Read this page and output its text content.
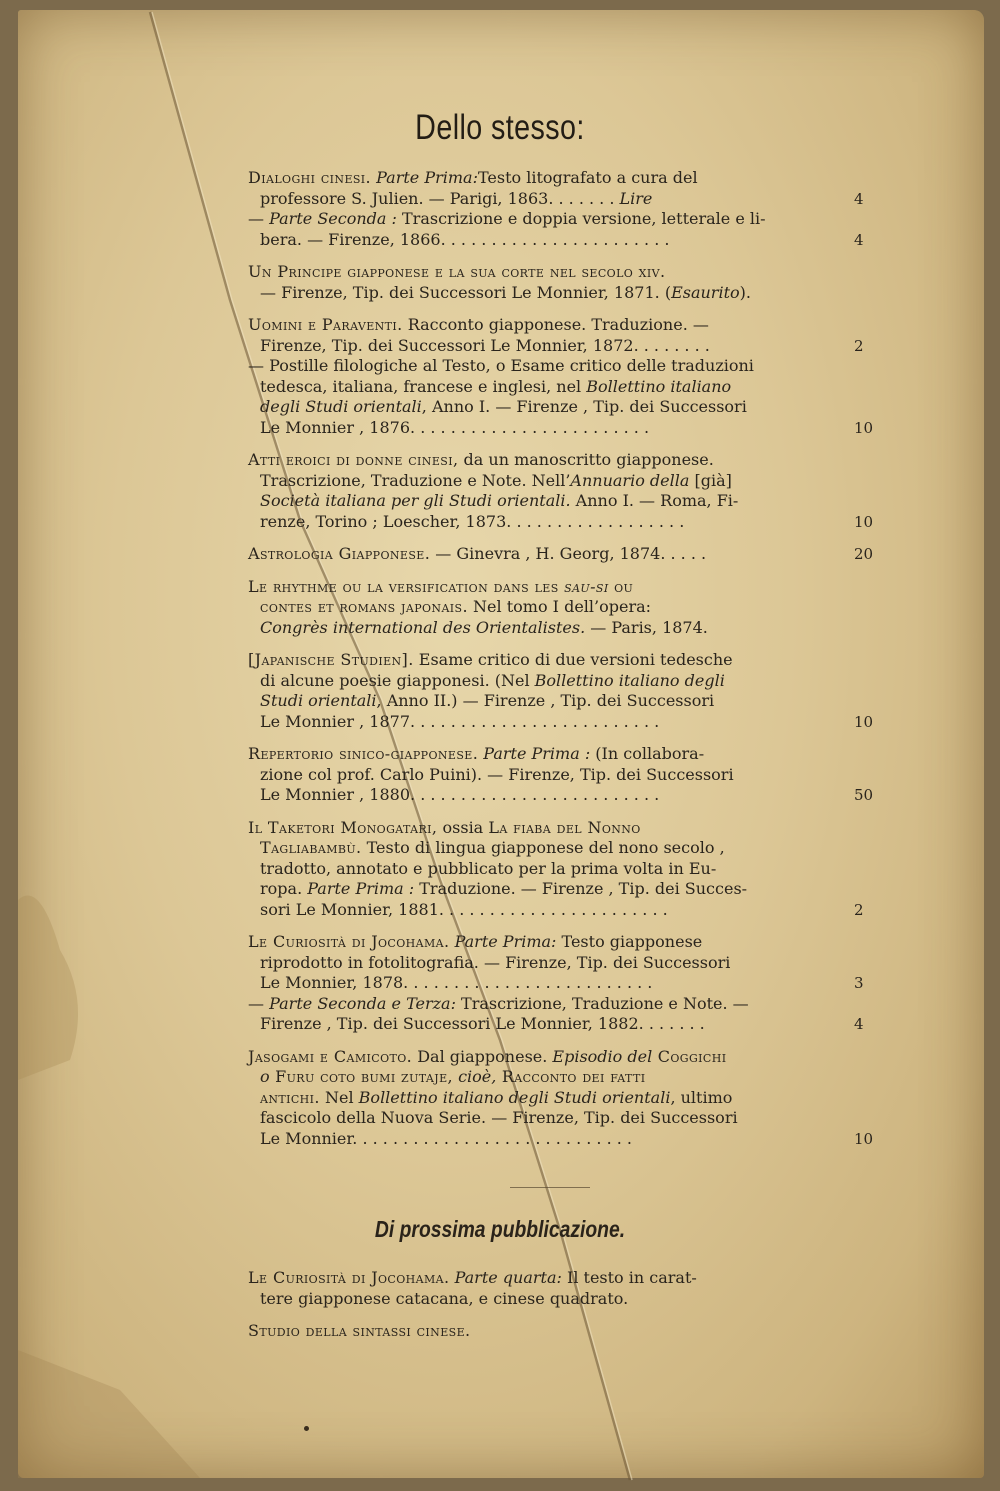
Dello stesso:
Dialoghi cinesi. Parte Prima:Testo litografato a cura del
professore S. Julien. — Parigi, 1863. . . . . . . Lire	4
— Parte Seconda : Trascrizione e doppia versione, letterale e li-
bera. — Firenze, 1866. . . . . . . . . . . . . . . . . . . . . . .	4
Un Principe giapponese e la sua corte nel secolo xiv.
— Firenze, Tip. dei Successori Le Monnier, 1871. (Esaurito).
Uomini e Paraventi. Racconto giapponese. Traduzione. —
Firenze, Tip. dei Successori Le Monnier, 1872. . . . . . . .	2
— Postille filologiche al Testo, o Esame critico delle traduzioni
tedesca, italiana, francese e inglesi, nel Bollettino italiano
degli Studi orientali, Anno I. — Firenze , Tip. dei Successori
Le Monnier , 1876. . . . . . . . . . . . . . . . . . . . . . . .	10
Atti eroici di donne cinesi, da un manoscritto giapponese.
Trascrizione, Traduzione e Note. Nell’Annuario della [già]
Società italiana per gli Studi orientali. Anno I. — Roma, Fi-
renze, Torino ; Loescher, 1873. . . . . . . . . . . . . . . . . .	10
Astrologia Giapponese. — Ginevra , H. Georg, 1874. . . . .	20
Le rhythme ou la versification dans les sau-si ou
contes et romans japonais. Nel tomo I dell’opera:
Congrès international des Orientalistes. — Paris, 1874.
[Japanische Studien]. Esame critico di due versioni tedesche
di alcune poesie giapponesi. (Nel Bollettino italiano degli
Studi orientali, Anno II.) — Firenze , Tip. dei Successori
Le Monnier , 1877. . . . . . . . . . . . . . . . . . . . . . . . .	10
Repertorio sinico-giapponese. Parte Prima : (In collabora-
zione col prof. Carlo Puini). — Firenze, Tip. dei Successori
Le Monnier , 1880. . . . . . . . . . . . . . . . . . . . . . . . .	50
Il Taketori Monogatari, ossia La fiaba del Nonno
Tagliabambù. Testo di lingua giapponese del nono secolo ,
tradotto, annotato e pubblicato per la prima volta in Eu-
ropa. Parte Prima : Traduzione. — Firenze , Tip. dei Succes-
sori Le Monnier, 1881. . . . . . . . . . . . . . . . . . . . . . .	2
Le Curiosità di Jocohama. Parte Prima: Testo giapponese
riprodotto in fotolitografia. — Firenze, Tip. dei Successori
Le Monnier, 1878. . . . . . . . . . . . . . . . . . . . . . . . .	3
— Parte Seconda e Terza: Trascrizione, Traduzione e Note. —
Firenze , Tip. dei Successori Le Monnier, 1882. . . . . . .	4
Jasogami e Camicoto. Dal giapponese. Episodio del Coggichi
o Furu coto bumi zutaje, cioè, Racconto dei fatti
antichi. Nel Bollettino italiano degli Studi orientali, ultimo
fascicolo della Nuova Serie. — Firenze, Tip. dei Successori
Le Monnier. . . . . . . . . . . . . . . . . . . . . . . . . . . .	10
Di prossima pubblicazione.
Le Curiosità di Jocohama. Parte quarta: Il testo in carat-
tere giapponese catacana, e cinese quadrato.
Studio della sintassi cinese.
